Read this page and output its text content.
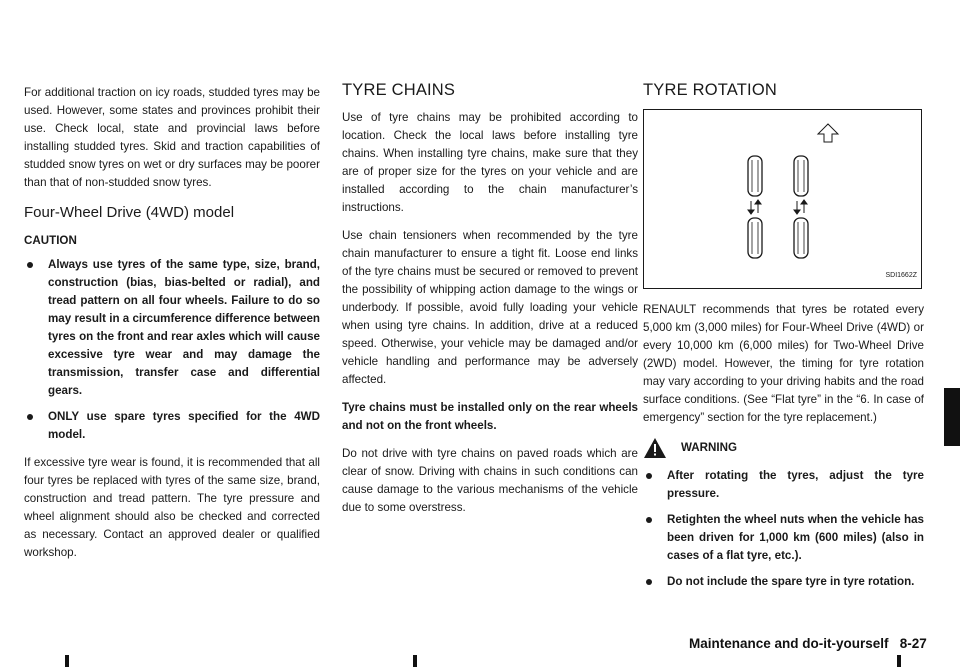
For additional traction on icy roads, studded tyres may be used. However, some states and provinces prohibit their use. Check local, state and provincial laws before installing studded tyres. Skid and traction capabilities of studded snow tyres on wet or dry surfaces may be poorer than that of non-studded snow tyres.

Four-Wheel Drive (4WD) model
CAUTION
Always use tyres of the same type, size, brand, construction (bias, bias-belted or radial), and tread pattern on all four wheels. Failure to do so may result in a circumference difference between tyres on the front and rear axles which will cause excessive tyre wear and may damage the transmission, transfer case and differential gears.
ONLY use spare tyres specified for the 4WD model.

If excessive tyre wear is found, it is recommended that all four tyres be replaced with tyres of the same size, brand, construction and tread pattern. The tyre pressure and wheel alignment should also be checked and corrected as necessary. Contact an approved dealer or qualified workshop.

TYRE CHAINS

Use of tyre chains may be prohibited according to location. Check the local laws before installing tyre chains. When installing tyre chains, make sure that they are of proper size for the tyres on your vehicle and are installed according to the chain manufacturer’s instructions.

Use chain tensioners when recommended by the tyre chain manufacturer to ensure a tight fit. Loose end links of the tyre chains must be secured or removed to prevent the possibility of whipping action damage to the wings or underbody. If possible, avoid fully loading your vehicle when using tyre chains. In addition, drive at a reduced speed. Otherwise, your vehicle may be damaged and/or vehicle handling and performance may be adversely affected.

Tyre chains must be installed only on the rear wheels and not on the front wheels.

Do not drive with tyre chains on paved roads which are clear of snow. Driving with chains in such conditions can cause damage to the various mechanisms of the vehicle due to some overstress.

TYRE ROTATION
SDI1662Z

RENAULT recommends that tyres be rotated every 5,000 km (3,000 miles) for Four-Wheel Drive (4WD) or every 10,000 km (6,000 miles) for Two-Wheel Drive (2WD) model. However, the timing for tyre rotation may vary according to your driving habits and the road surface conditions. (See “Flat tyre” in the “6. In case of emergency” section for the tyre replacement.)

WARNING
After rotating the tyres, adjust the tyre pressure.
Retighten the wheel nuts when the vehicle has been driven for 1,000 km (600 miles) (also in cases of a flat tyre, etc.).
Do not include the spare tyre in tyre rotation.
Maintenance and do-it-yourself   8-27
